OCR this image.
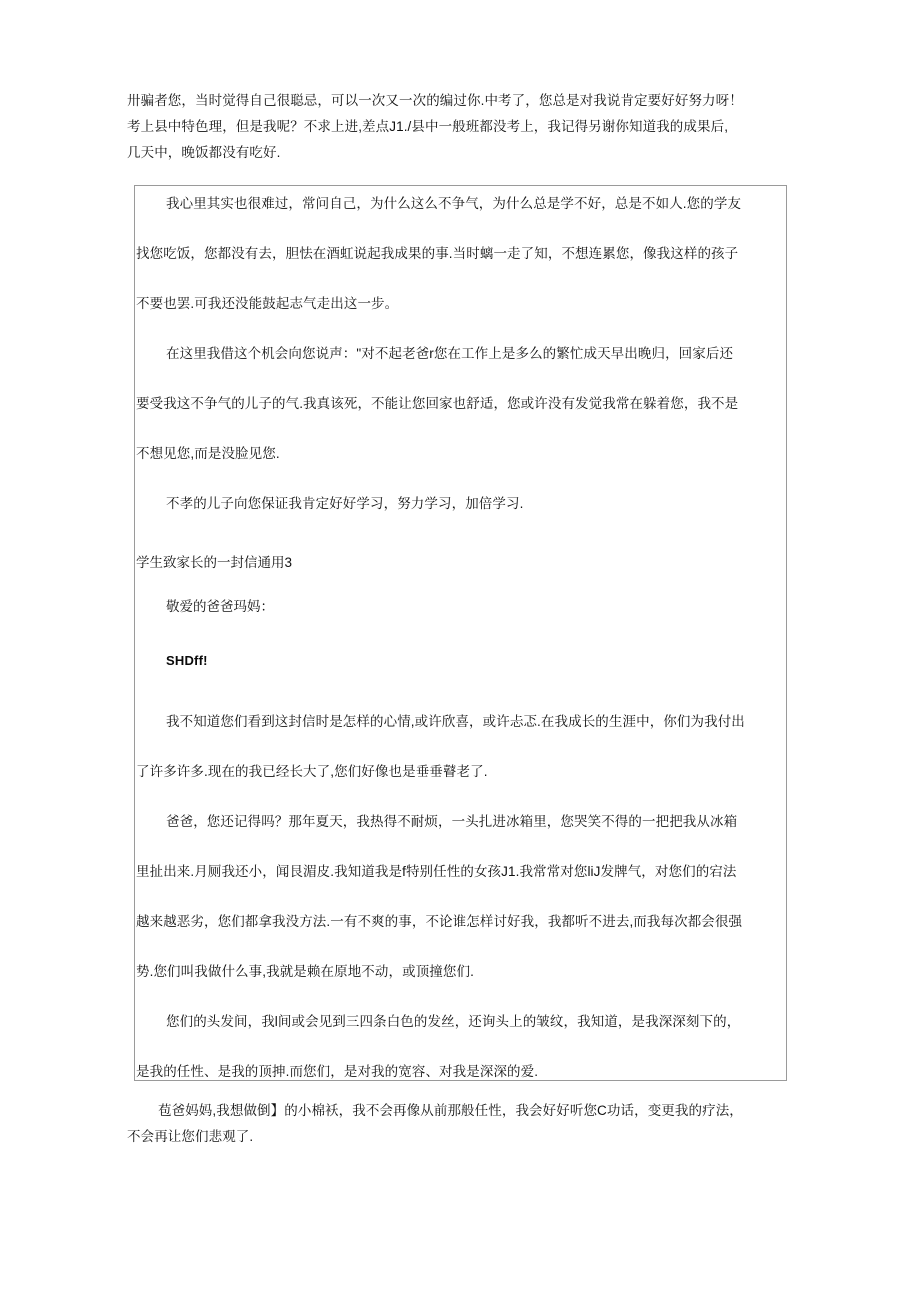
卅骗者您，当时觉得自己很聪忌，可以一次又一次的编过你.中考了，您总是对我说肯定要好好努力呀！
考上县中特色理，但是我呢？不求上进,差点J1./县中一般班都没考上，我记得另谢你知道我的成果后,
几天中，晚饭都没有吃好.
我心里其实也很难过，常问自己，为什么这么不争气，为什么总是学不好，总是不如人.您的学友
找您吃饭，您都没有去，胆怯在酒虹说起我成果的事.当时螭一走了知，不想连累您，像我这样的孩子
不要也罢.可我还没能鼓起志气走出这一步。
在这里我借这个机会向您说声："对不起老爸r您在工作上是多么的繁忙成天早出晚归，回家后还
要受我这不争气的儿子的气.我真该死，不能让您回家也舒适，您或许没有发觉我常在躲着您，我不是
不想见您,而是没脸见您.
不孝的儿子向您保证我肯定好好学习，努力学习，加倍学习.
学生致家长的一封信通用3
敬爱的爸爸玛妈：
SHDff!
我不知道您们看到这封信时是怎样的心情,或许欣喜，或许忐忑.在我成长的生涯中，你们为我付出
了许多许多.现在的我已经长大了,您们好像也是垂垂瞽老了.
爸爸，您还记得吗？那年夏天，我热得不耐烦，一头扎进冰箱里，您哭笑不得的一把把我从冰箱
里扯出来.月厕我还小，闻艮湄皮.我知道我是f特别任性的女孩J1.我常常对您liJ发牌气，对您们的宕法
越来越恶劣，您们都拿我没方法.一有不爽的事，不论谁怎样讨好我，我都听不进去,而我每次都会很强
势.您们叫我做什么事,我就是赖在原地不动，或顶撞您们.
您们的头发间，我l间或会见到三四条白色的发丝，还询头上的皱纹，我知道，是我深深刻下的，
是我的任性、是我的顶抻.而您们，是对我的宽容、对我是深深的爱.
苞爸妈妈,我想做倒】的小棉袄，我不会再像从前那般任性，我会好好听您C功话，变更我的疗法，
不会再让您们悲观了.
